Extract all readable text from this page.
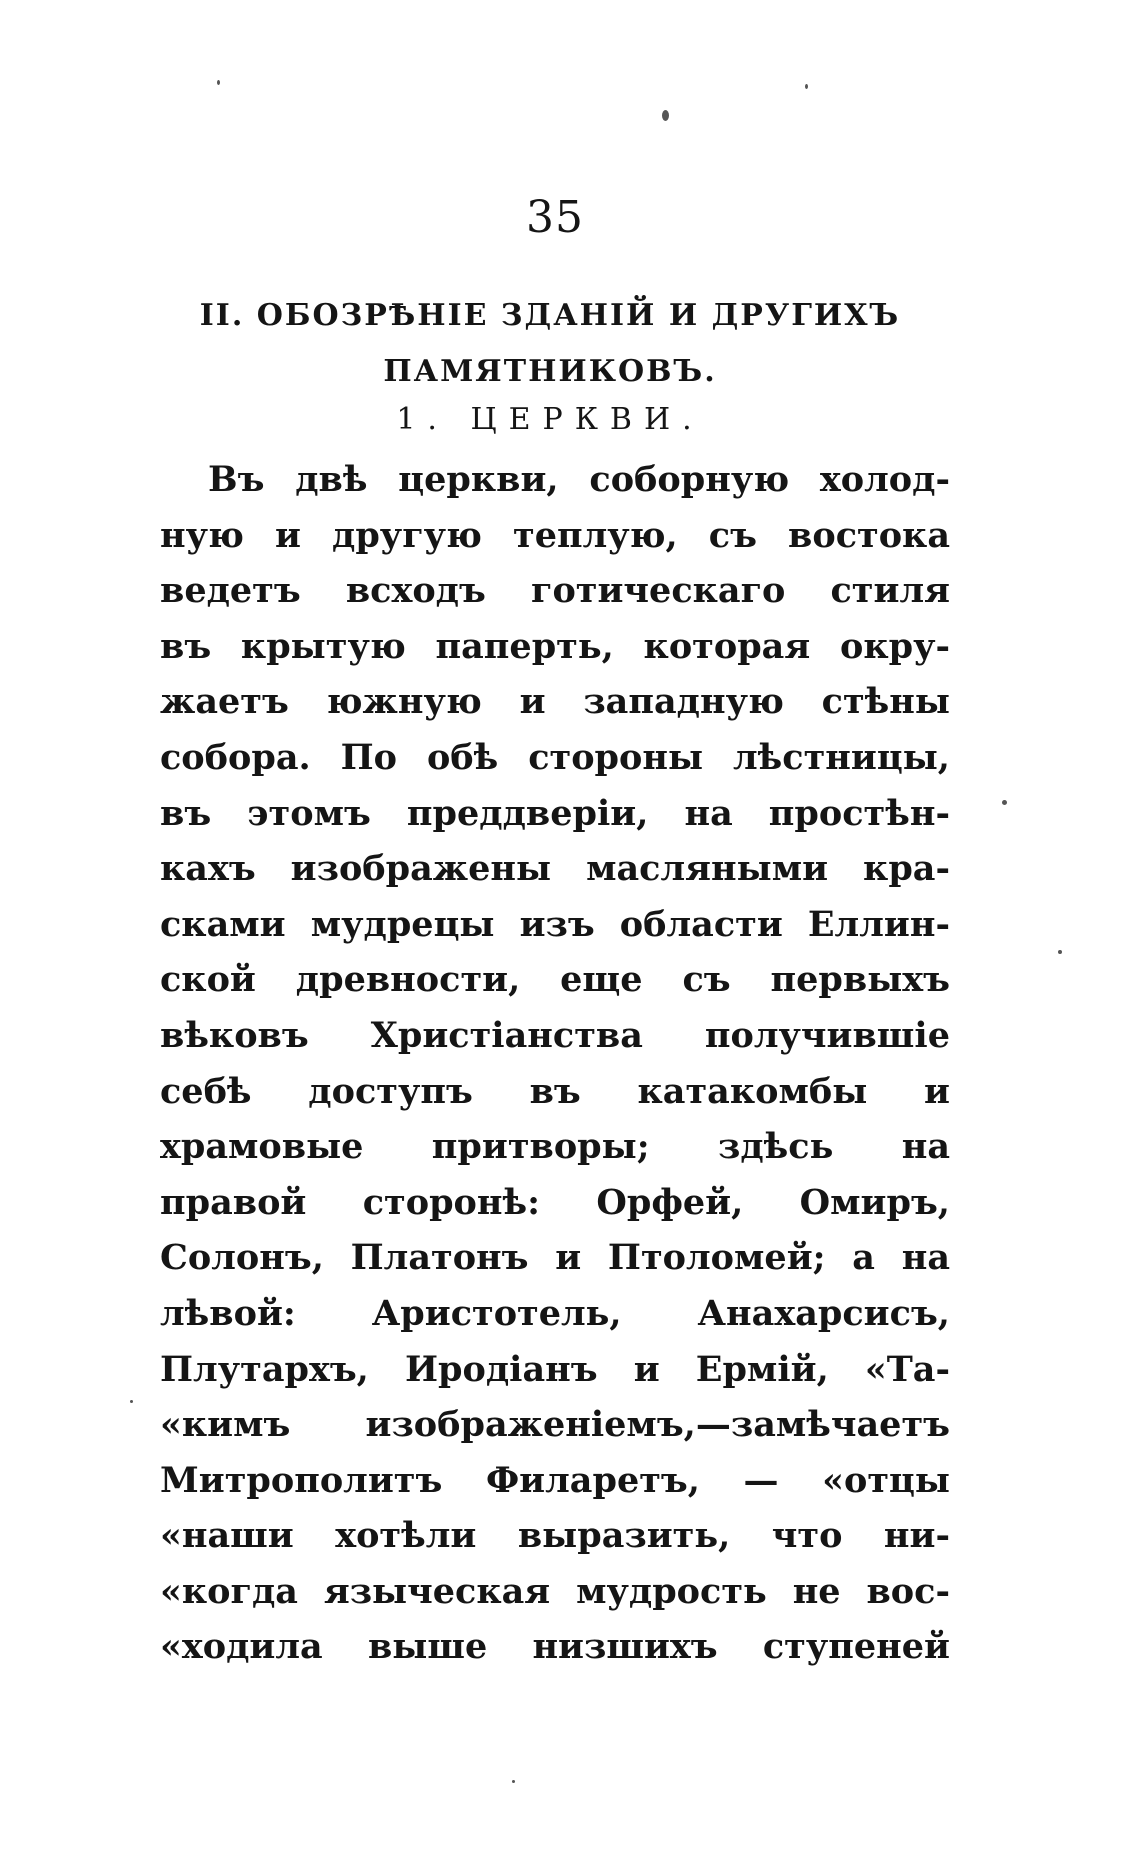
35
II. ОБОЗРѢНІЕ ЗДАНІЙ И ДРУГИХЪ
ПАМЯТНИКОВЪ.
1. ЦЕРКВИ.
Въ двѣ церкви, соборную холод-
ную и другую теплую, съ востока
ведетъ всходъ готическаго стиля
въ крытую паперть, которая окру-
жаетъ южную и западную стѣны
собора. По обѣ стороны лѣстницы,
въ этомъ преддверіи, на простѣн-
кахъ изображены масляными кра-
сками мудрецы изъ области Еллин-
ской древности, еще съ первыхъ
вѣковъ Христіанства получившіе
себѣ доступъ въ катакомбы и
храмовые притворы; здѣсь на
правой сторонѣ: Орфей, Омиръ,
Солонъ, Платонъ и Птоломей; а на
лѣвой: Аристотель, Анахарсисъ,
Плутархъ, Иродіанъ и Ермій, «Та-
«кимъ изображеніемъ,—замѣчаетъ
Митрополитъ Филаретъ, — «отцы
«наши хотѣли выразить, что ни-
«когда языческая мудрость не вос-
«ходила выше низшихъ ступеней
